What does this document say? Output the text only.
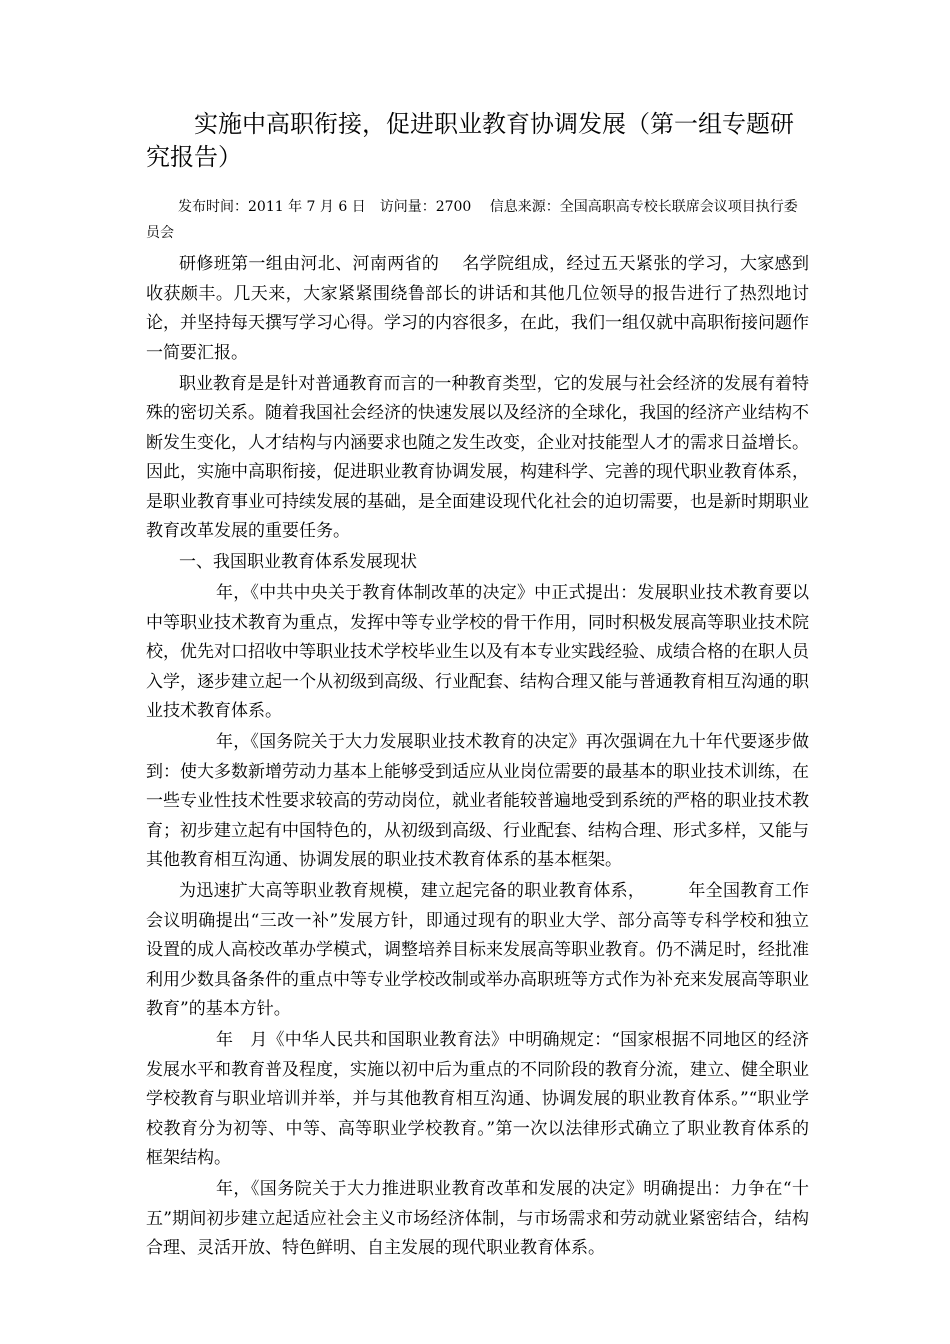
实施中高职衔接，促进职业教育协调发展（第一组专题研究报告）

发布时间：2011 年 7 月 6 日　访问量：2700　 信息来源：全国高职高专校长联席会议项目执行委员会

研修班第一组由河北、河南两省的　 名学院组成，经过五天紧张的学习，大家感到收获颇丰。几天来，大家紧紧围绕鲁部长的讲话和其他几位领导的报告进行了热烈地讨论，并坚持每天撰写学习心得。学习的内容很多，在此，我们一组仅就中高职衔接问题作一简要汇报。

职业教育是是针对普通教育而言的一种教育类型，它的发展与社会经济的发展有着特殊的密切关系。随着我国社会经济的快速发展以及经济的全球化，我国的经济产业结构不断发生变化，人才结构与内涵要求也随之发生改变，企业对技能型人才的需求日益增长。因此，实施中高职衔接，促进职业教育协调发展，构建科学、完善的现代职业教育体系，是职业教育事业可持续发展的基础，是全面建设现代化社会的迫切需要，也是新时期职业教育改革发展的重要任务。

一、我国职业教育体系发展现状

年，《中共中央关于教育体制改革的决定》中正式提出：发展职业技术教育要以中等职业技术教育为重点，发挥中等专业学校的骨干作用，同时积极发展高等职业技术院校，优先对口招收中等职业技术学校毕业生以及有本专业实践经验、成绩合格的在职人员入学，逐步建立起一个从初级到高级、行业配套、结构合理又能与普通教育相互沟通的职业技术教育体系。

年，《国务院关于大力发展职业技术教育的决定》再次强调在九十年代要逐步做到：使大多数新增劳动力基本上能够受到适应从业岗位需要的最基本的职业技术训练，在一些专业性技术性要求较高的劳动岗位，就业者能较普遍地受到系统的严格的职业技术教育；初步建立起有中国特色的，从初级到高级、行业配套、结构合理、形式多样，又能与其他教育相互沟通、协调发展的职业技术教育体系的基本框架。

为迅速扩大高等职业教育规模，建立起完备的职业教育体系，　　　年全国教育工作会议明确提出“三改一补”发展方针，即通过现有的职业大学、部分高等专科学校和独立设置的成人高校改革办学模式，调整培养目标来发展高等职业教育。仍不满足时，经批准利用少数具备条件的重点中等专业学校改制或举办高职班等方式作为补充来发展高等职业教育”的基本方针。

年　月《中华人民共和国职业教育法》中明确规定：“国家根据不同地区的经济发展水平和教育普及程度，实施以初中后为重点的不同阶段的教育分流，建立、健全职业学校教育与职业培训并举，并与其他教育相互沟通、协调发展的职业教育体系。”“职业学校教育分为初等、中等、高等职业学校教育。”第一次以法律形式确立了职业教育体系的框架结构。

年，《国务院关于大力推进职业教育改革和发展的决定》明确提出：力争在“十五”期间初步建立起适应社会主义市场经济体制，与市场需求和劳动就业紧密结合，结构合理、灵活开放、特色鲜明、自主发展的现代职业教育体系。
